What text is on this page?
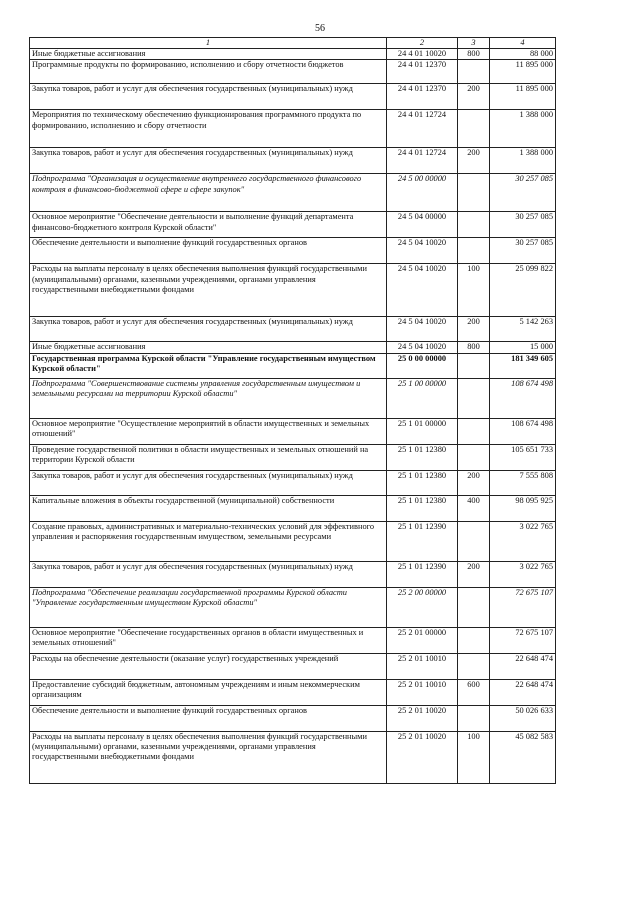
56
1	2	3	4
Иные бюджетные ассигнования	24 4 01 10020	800	88 000
Программные продукты по формированию, исполнению и сбору отчетности бюджетов	24 4 01 12370		11 895 000
Закупка товаров, работ и услуг для обеспечения государственных (муниципальных) нужд	24 4 01 12370	200	11 895 000
Мероприятия по техническому обеспечению функционирования программного продукта по формированию, исполнению и сбору отчетности	24 4 01 12724		1 388 000
Закупка товаров, работ и услуг для обеспечения государственных (муниципальных) нужд	24 4 01 12724	200	1 388 000
Подпрограмма "Организация и осуществление внутреннего государственного финансового контроля в финансово-бюджетной сфере и сфере закупок"	24 5 00 00000		30 257 085
Основное мероприятие "Обеспечение деятельности и выполнение функций департамента финансово-бюджетного контроля Курской области"	24 5 04 00000		30 257 085
Обеспечение деятельности и выполнение функций государственных органов	24 5 04 10020		30 257 085
Расходы на выплаты персоналу в целях обеспечения выполнения функций государственными (муниципальными) органами, казенными учреждениями, органами управления государственными внебюджетными фондами	24 5 04 10020	100	25 099 822
Закупка товаров, работ и услуг для обеспечения государственных (муниципальных) нужд	24 5 04 10020	200	5 142 263
Иные бюджетные ассигнования	24 5 04 10020	800	15 000
Государственная программа Курской области "Управление государственным имуществом Курской области"	25 0 00 00000		181 349 605
Подпрограмма "Совершенствование системы управления государственным имуществом и земельными ресурсами на территории Курской области"	25 1 00 00000		108 674 498
Основное мероприятие "Осуществление мероприятий в области имущественных и земельных отношений"	25 1 01 00000		108 674 498
Проведение государственной политики в области имущественных и земельных отношений на территории Курской области	25 1 01 12380		105 651 733
Закупка товаров, работ и услуг для обеспечения государственных (муниципальных) нужд	25 1 01 12380	200	7 555 808
Капитальные вложения в объекты государственной (муниципальной) собственности	25 1 01 12380	400	98 095 925
Создание правовых, административных и материально-технических условий для эффективного управления и распоряжения государственным имуществом, земельными ресурсами	25 1 01 12390		3 022 765
Закупка товаров, работ и услуг для обеспечения государственных (муниципальных) нужд	25 1 01 12390	200	3 022 765
Подпрограмма "Обеспечение реализации государственной программы Курской области "Управление государственным имуществом Курской области"	25 2 00 00000		72 675 107
Основное мероприятие "Обеспечение государственных органов в области имущественных и земельных отношений"	25 2 01 00000		72 675 107
Расходы на обеспечение деятельности (оказание услуг) государственных учреждений	25 2 01 10010		22 648 474
Предоставление субсидий бюджетным, автономным учреждениям и иным некоммерческим организациям	25 2 01 10010	600	22 648 474
Обеспечение деятельности и выполнение функций государственных органов	25 2 01 10020		50 026 633
Расходы на выплаты персоналу в целях обеспечения выполнения функций государственными (муниципальными) органами, казенными учреждениями, органами управления государственными внебюджетными фондами	25 2 01 10020	100	45 082 583
